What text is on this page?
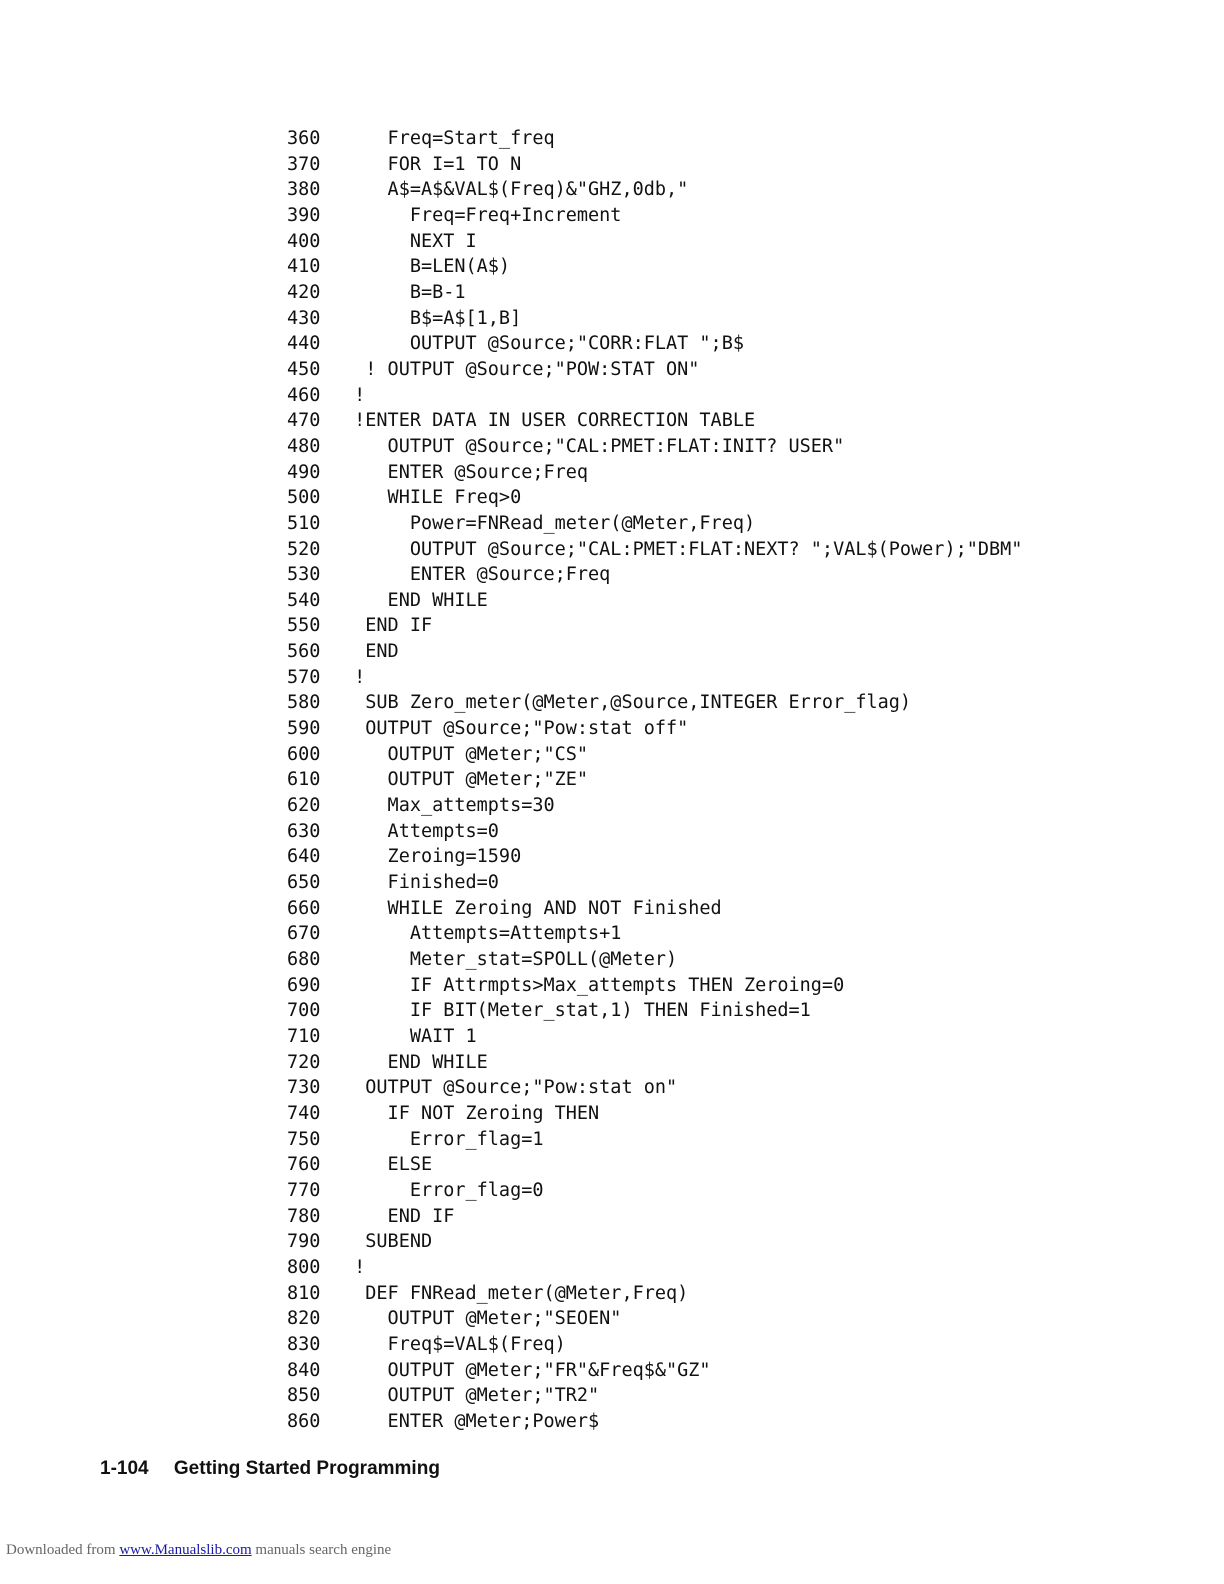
360	Freq=Start_freq
370	FOR I=1 TO N
380	A$=A$&VAL$(Freq)&"GHZ,0db,"
390	Freq=Freq+Increment
400	NEXT I
410	B=LEN(A$)
420	B=B-1
430	B$=A$[1,B]
440	OUTPUT @Source;"CORR:FLAT ";B$
450	! OUTPUT @Source;"POW:STAT ON"
460	!
470	!ENTER DATA IN USER CORRECTION TABLE
480	OUTPUT @Source;"CAL:PMET:FLAT:INIT? USER"
490	ENTER @Source;Freq
500	WHILE Freq>0
510	Power=FNRead_meter(@Meter,Freq)
520	OUTPUT @Source;"CAL:PMET:FLAT:NEXT? ";VAL$(Power);"DBM"
530	ENTER @Source;Freq
540	END WHILE
550	END IF
560	END
570	!
580	SUB Zero_meter(@Meter,@Source,INTEGER Error_flag)
590	OUTPUT @Source;"Pow:stat off"
600	OUTPUT @Meter;"CS"
610	OUTPUT @Meter;"ZE"
620	Max_attempts=30
630	Attempts=0
640	Zeroing=1590
650	Finished=0
660	WHILE Zeroing AND NOT Finished
670	Attempts=Attempts+1
680	Meter_stat=SPOLL(@Meter)
690	IF Attrmpts>Max_attempts THEN Zeroing=0
700	IF BIT(Meter_stat,1) THEN Finished=1
710	WAIT 1
720	END WHILE
730	OUTPUT @Source;"Pow:stat on"
740	IF NOT Zeroing THEN
750	Error_flag=1
760	ELSE
770	Error_flag=0
780	END IF
790	SUBEND
800	!
810	DEF FNRead_meter(@Meter,Freq)
820	OUTPUT @Meter;"SEOEN"
830	Freq$=VAL$(Freq)
840	OUTPUT @Meter;"FR"&Freq$&"GZ"
850	OUTPUT @Meter;"TR2"
860	ENTER @Meter;Power$
1-104 Getting Started Programming
Downloaded from www.Manualslib.com manuals search engine
